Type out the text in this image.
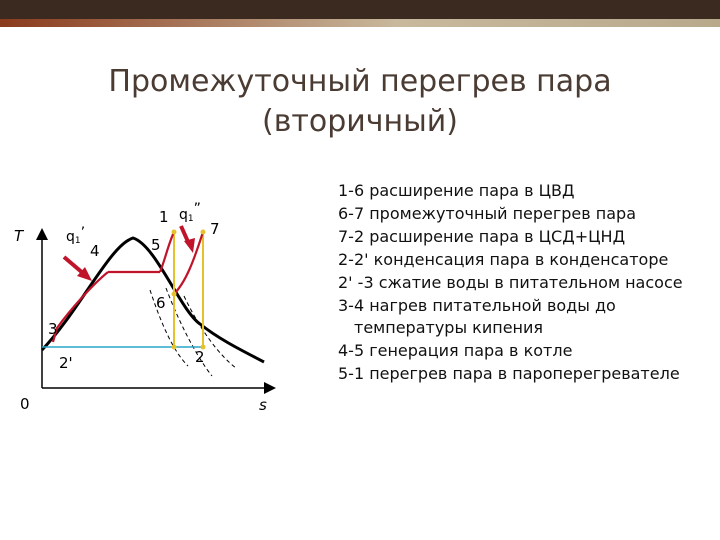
Промежуточный перегрев пара
(вторичный)
T
s
0
q1’
q1”
1
7
5
4
6
3
2'	2
1-6 расширение пара в ЦВД
6-7 промежуточный перегрев пара
7-2 расширение пара в ЦСД+ЦНД
2-2' конденсация пара в конденсаторе
2' -3 сжатие воды в питательном насосе
3-4 нагрев питательной воды до температуры кипения
4-5 генерация пара в котле
5-1 перегрев пара в пароперегревателе
